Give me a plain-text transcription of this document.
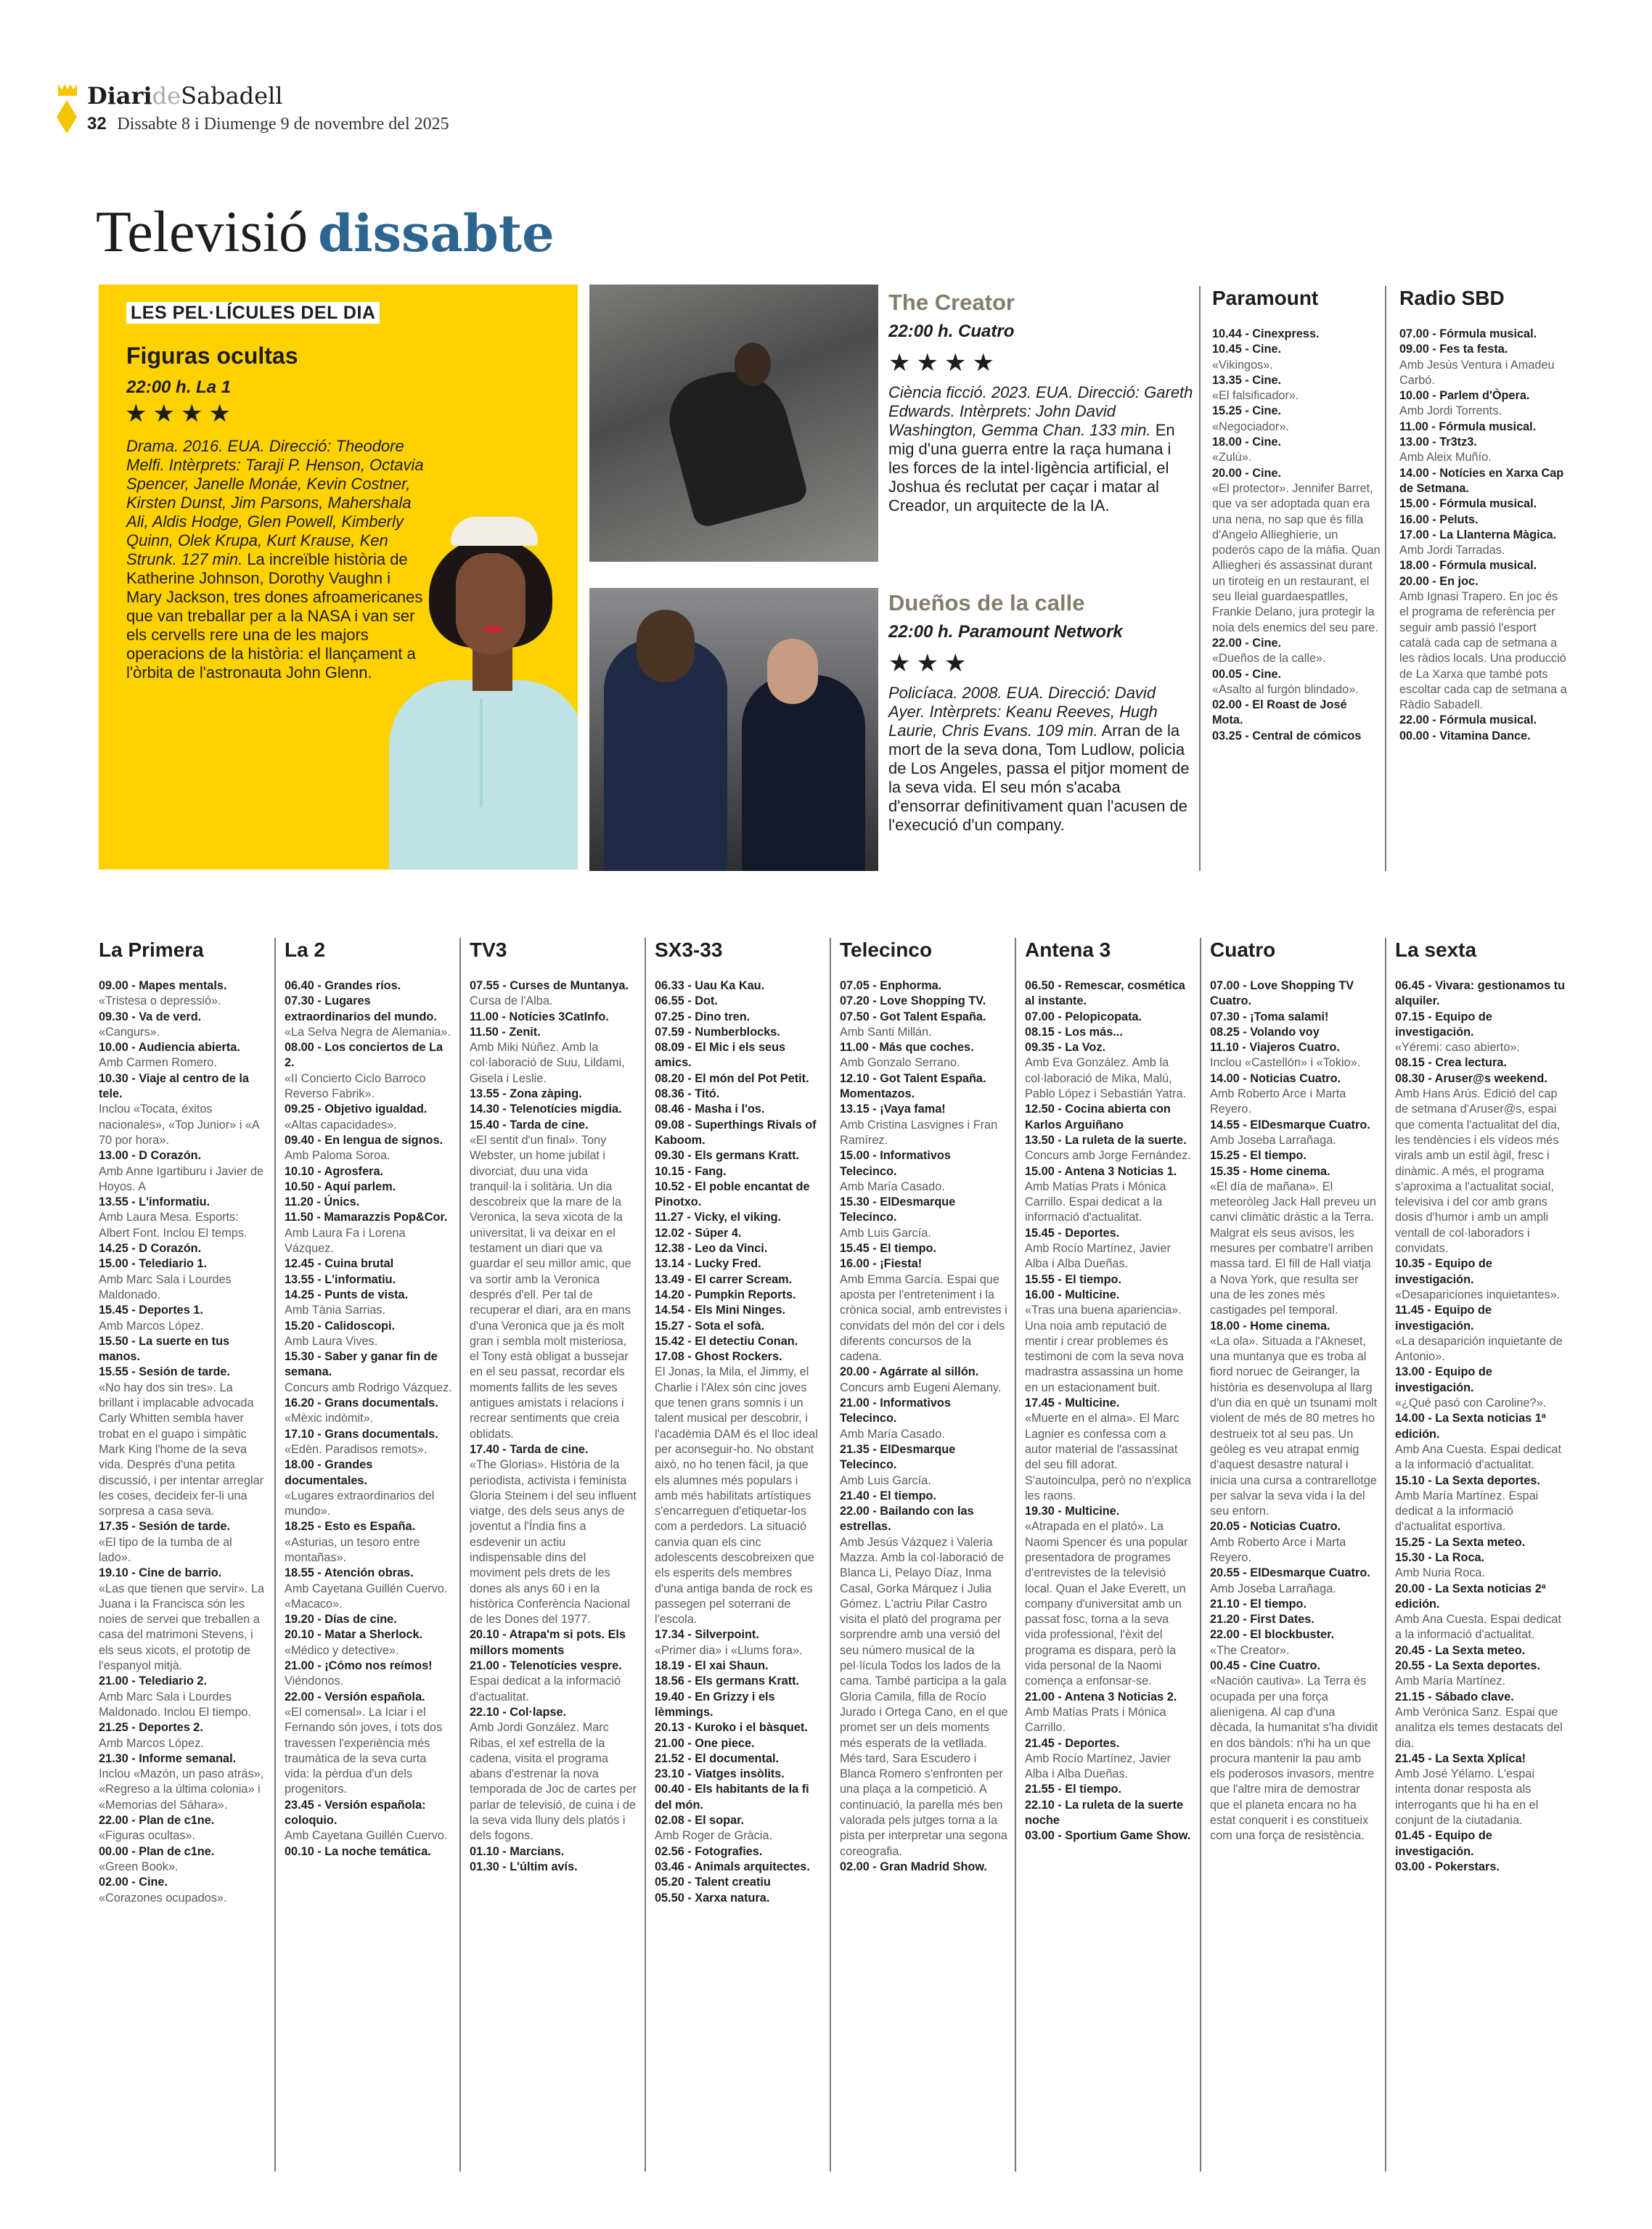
DiarideSabadell
32 Dissabte 8 i Diumenge 9 de novembre del 2025
Televisió dissabte
LES PEL·LÍCULES DEL DIA
Figuras ocultas
22:00 h. La 1
★★★★
Drama. 2016. EUA. Direcció: Theodore Melfi. Intèrprets: Taraji P. Henson, Octavia Spencer, Janelle Monáe, Kevin Costner, Kirsten Dunst, Jim Parsons, Mahershala Ali, Aldis Hodge, Glen Powell, Kimberly Quinn, Olek Krupa, Kurt Krause, Ken Strunk. 127 min. La increïble història de Katherine Johnson, Dorothy Vaughn i Mary Jackson, tres dones afroamericanes que van treballar per a la NASA i van ser els cervells rere una de les majors operacions de la història: el llançament a l'òrbita de l'astronauta John Glenn.
The Creator
22:00 h. Cuatro
★★★★
Ciència ficció. 2023. EUA. Direcció: Gareth Edwards. Intèrprets: John David Washington, Gemma Chan. 133 min. En mig d'una guerra entre la raça humana i les forces de la intel·ligència artificial, el Joshua és reclutat per caçar i matar al Creador, un arquitecte de la IA.
Dueños de la calle
22:00 h. Paramount Network
★★★
Policíaca. 2008. EUA. Direcció: David Ayer. Intèrprets: Keanu Reeves, Hugh Laurie, Chris Evans. 109 min. Arran de la mort de la seva dona, Tom Ludlow, policia de Los Angeles, passa el pitjor moment de la seva vida. El seu món s'acaba d'ensorrar definitivament quan l'acusen de l'execució d'un company.
Paramount
10.44 - Cinexpress.
10.45 - Cine.
«Vikingos».
13.35 - Cine.
«El falsificador».
15.25 - Cine.
«Negociador».
18.00 - Cine.
«Zulú».
20.00 - Cine.
«El protector». Jennifer Barret, que va ser adoptada quan era una nena, no sap que és filla d'Angelo Allieghierie, un poderós capo de la màfia. Quan Alliegheri és assassinat durant un tiroteig en un restaurant, el seu lleial guardaespatlles, Frankie Delano, jura protegir la noia dels enemics del seu pare.
22.00 - Cine.
«Dueños de la calle».
00.05 - Cine.
«Asalto al furgón blindado».
02.00 - El Roast de José Mota.
03.25 - Central de cómicos
Radio SBD
07.00 - Fórmula musical.
09.00 - Fes ta festa.
Amb Jesús Ventura i Amadeu Carbó.
10.00 - Parlem d'Òpera.
Amb Jordi Torrents.
11.00 - Fórmula musical.
13.00 - Tr3tz3.
Amb Aleix Muñío.
14.00 - Notícies en Xarxa Cap de Setmana.
15.00 - Fórmula musical.
16.00 - Peluts.
17.00 - La Llanterna Màgica.
Amb Jordi Tarradas.
18.00 - Fórmula musical.
20.00 - En joc.
Amb Ignasi Trapero. En joc és el programa de referència per seguir amb passió l'esport català cada cap de setmana a les ràdios locals. Una producció de La Xarxa que també pots escoltar cada cap de setmana a Ràdio Sabadell.
22.00 - Fórmula musical.
00.00 - Vitamina Dance.
La Primera
09.00 - Mapes mentals.
«Tristesa o depressió».
09.30 - Va de verd.
«Cangurs».
10.00 - Audiencia abierta.
Amb Carmen Romero.
10.30 - Viaje al centro de la tele.
Inclou «Tocata, éxitos nacionales», «Top Junior» i «A 70 por hora».
13.00 - D Corazón.
Amb Anne Igartiburu i Javier de Hoyos. A
13.55 - L'informatiu.
Amb Laura Mesa. Esports: Albert Font. Inclou El temps.
14.25 - D Corazón.
15.00 - Telediario 1.
Amb Marc Sala i Lourdes Maldonado.
15.45 - Deportes 1.
Amb Marcos López.
15.50 - La suerte en tus manos.
15.55 - Sesión de tarde.
«No hay dos sin tres». La brillant i implacable advocada Carly Whitten sembla haver trobat en el guapo i simpàtic Mark King l'home de la seva vida. Després d'una petita discussió, i per intentar arreglar les coses, decideix fer-li una sorpresa a casa seva.
17.35 - Sesión de tarde.
«El tipo de la tumba de al lado».
19.10 - Cine de barrio.
«Las que tienen que servir». La Juana i la Francisca són les noies de servei que treballen a casa del matrimoni Stevens, i els seus xicots, el prototip de l'espanyol mitjà.
21.00 - Telediario 2.
Amb Marc Sala i Lourdes Maldonado. Inclou El tiempo.
21.25 - Deportes 2.
Amb Marcos López.
21.30 - Informe semanal.
Inclou «Mazón, un paso atrás», «Regreso a la última colonia» i «Memorias del Sáhara».
22.00 - Plan de c1ne.
«Figuras ocultas».
00.00 - Plan de c1ne.
«Green Book».
02.00 - Cine.
«Corazones ocupados».
La 2
06.40 - Grandes ríos.
07.30 - Lugares extraordinarios del mundo.
«La Selva Negra de Alemania».
08.00 - Los conciertos de La 2.
«II Concierto Ciclo Barroco Reverso Fabrik».
09.25 - Objetivo igualdad.
«Altas capacidades».
09.40 - En lengua de signos.
Amb Paloma Soroa.
10.10 - Agrosfera.
10.50 - Aquí parlem.
11.20 - Únics.
11.50 - Mamarazzis Pop&Cor.
Amb Laura Fa i Lorena Vázquez.
12.45 - Cuina brutal
13.55 - L'informatiu.
14.25 - Punts de vista.
Amb Tània Sarrias.
15.20 - Calidoscopi.
Amb Laura Vives.
15.30 - Saber y ganar fin de semana.
Concurs amb Rodrigo Vázquez.
16.20 - Grans documentals.
«Mèxic indòmit».
17.10 - Grans documentals.
«Edèn. Paradisos remots».
18.00 - Grandes documentales.
«Lugares extraordinarios del mundo».
18.25 - Esto es España.
«Asturias, un tesoro entre montañas».
18.55 - Atención obras.
Amb Cayetana Guillén Cuervo. «Macaco».
19.20 - Días de cine.
20.10 - Matar a Sherlock.
«Médico y detective».
21.00 - ¡Cómo nos reímos!
Viéndonos.
22.00 - Versión española.
«El comensal». La Iciar i el Fernando són joves, i tots dos travessen l'experiència més traumàtica de la seva curta vida: la pèrdua d'un dels progenitors.
23.45 - Versión española: coloquio.
Amb Cayetana Guillén Cuervo.
00.10 - La noche temática.
TV3
07.55 - Curses de Muntanya.
Cursa de l'Alba.
11.00 - Notícies 3CatInfo.
11.50 - Zenit.
Amb Miki Núñez. Amb la col·laboració de Suu, Lildami, Gisela i Leslie.
13.55 - Zona zàping.
14.30 - Telenotícies migdia.
15.40 - Tarda de cine.
«El sentit d'un final». Tony Webster, un home jubilat i divorciat, duu una vida tranquil·la i solitària. Un dia descobreix que la mare de la Veronica, la seva xicota de la universitat, li va deixar en el testament un diari que va guardar el seu millor amic, que va sortir amb la Veronica després d'ell. Per tal de recuperar el diari, ara en mans d'una Veronica que ja és molt gran i sembla molt misteriosa, el Tony està obligat a bussejar en el seu passat, recordar els moments fallits de les seves antigues amistats i relacions i recrear sentiments que creia oblidats.
17.40 - Tarda de cine.
«The Glorias». Història de la periodista, activista i feminista Gloria Steinem i del seu influent viatge, des dels seus anys de joventut a l'Índia fins a esdevenir un actiu indispensable dins del moviment pels drets de les dones als anys 60 i en la històrica Conferència Nacional de les Dones del 1977.
20.10 - Atrapa'm si pots. Els millors moments
21.00 - Telenotícies vespre.
Espai dedicat a la informació d'actualitat.
22.10 - Col·lapse.
Amb Jordi González. Marc Ribas, el xef estrella de la cadena, visita el programa abans d'estrenar la nova temporada de Joc de cartes per parlar de televisió, de cuina i de la seva vida lluny dels platós i dels fogons.
01.10 - Marcians.
01.30 - L'últim avís.
SX3-33
06.33 - Uau Ka Kau.
06.55 - Dot.
07.25 - Dino tren.
07.59 - Numberblocks.
08.09 - El Mic i els seus amics.
08.20 - El món del Pot Petit.
08.36 - Titó.
08.46 - Masha i l'os.
09.08 - Superthings Rivals of Kaboom.
09.30 - Els germans Kratt.
10.15 - Fang.
10.52 - El poble encantat de Pinotxo.
11.27 - Vicky, el viking.
12.02 - Súper 4.
12.38 - Leo da Vinci.
13.14 - Lucky Fred.
13.49 - El carrer Scream.
14.20 - Pumpkin Reports.
14.54 - Els Mini Ninges.
15.27 - Sota el sofà.
15.42 - El detectiu Conan.
17.08 - Ghost Rockers.
El Jonas, la Mila, el Jimmy, el Charlie i l'Alex són cinc joves que tenen grans somnis i un talent musical per descobrir, i l'acadèmia DAM és el lloc ideal per aconseguir-ho. No obstant això, no ho tenen fàcil, ja que els alumnes més populars i amb més habilitats artístiques s'encarreguen d'etiquetar-los com a perdedors. La situació canvia quan els cinc adolescents descobreixen que els esperits dels membres d'una antiga banda de rock es passegen pel soterrani de l'escola.
17.34 - Silverpoint.
«Primer dia» i «Llums fora».
18.19 - El xai Shaun.
18.56 - Els germans Kratt.
19.40 - En Grizzy i els lèmmings.
20.13 - Kuroko i el bàsquet.
21.00 - One piece.
21.52 - El documental.
23.10 - Viatges insòlits.
00.40 - Els habitants de la fi del món.
02.08 - El sopar.
Amb Roger de Gràcia.
02.56 - Fotografies.
03.46 - Animals arquitectes.
05.20 - Talent creatiu
05.50 - Xarxa natura.
Telecinco
07.05 - Enphorma.
07.20 - Love Shopping TV.
07.50 - Got Talent España.
Amb Santi Millán.
11.00 - Más que coches.
Amb Gonzalo Serrano.
12.10 - Got Talent España. Momentazos.
13.15 - ¡Vaya fama!
Amb Cristina Lasvignes i Fran Ramírez.
15.00 - Informativos Telecinco.
Amb María Casado.
15.30 - ElDesmarque Telecinco.
Amb Luis García.
15.45 - El tiempo.
16.00 - ¡Fiesta!
Amb Emma García. Espai que aposta per l'entreteniment i la crònica social, amb entrevistes i convidats del món del cor i dels diferents concursos de la cadena.
20.00 - Agárrate al sillón.
Concurs amb Eugeni Alemany.
21.00 - Informativos Telecinco.
Amb María Casado.
21.35 - ElDesmarque Telecinco.
Amb Luis García.
21.40 - El tiempo.
22.00 - Bailando con las estrellas.
Amb Jesús Vázquez i Valeria Mazza. Amb la col·laboració de Blanca Li, Pelayo Díaz, Inma Casal, Gorka Márquez i Julia Gómez. L'actriu Pilar Castro visita el plató del programa per sorprendre amb una versió del seu número musical de la pel·lícula Todos los lados de la cama. També participa a la gala Gloria Camila, filla de Rocío Jurado i Ortega Cano, en el que promet ser un dels moments més esperats de la vetllada. Més tard, Sara Escudero i Blanca Romero s'enfronten per una plaça a la competició. A continuació, la parella més ben valorada pels jutges torna a la pista per interpretar una segona coreografia.
02.00 - Gran Madrid Show.
Antena 3
06.50 - Remescar, cosmética al instante.
07.00 - Pelopicopata.
08.15 - Los más...
09.35 - La Voz.
Amb Eva González. Amb la col·laboració de Mika, Malú, Pablo López i Sebastián Yatra.
12.50 - Cocina abierta con Karlos Arguiñano
13.50 - La ruleta de la suerte.
Concurs amb Jorge Fernández.
15.00 - Antena 3 Noticias 1.
Amb Matías Prats i Mónica Carrillo. Espai dedicat a la informació d'actualitat.
15.45 - Deportes.
Amb Rocío Martínez, Javier Alba i Alba Dueñas.
15.55 - El tiempo.
16.00 - Multicine.
«Tras una buena apariencia». Una noia amb reputació de mentir i crear problemes és testimoni de com la seva nova madrastra assassina un home en un estacionament buit.
17.45 - Multicine.
«Muerte en el alma». El Marc Lagnier es confessa com a autor material de l'assassinat del seu fill adorat. S'autoinculpa, però no n'explica les raons.
19.30 - Multicine.
«Atrapada en el plató». La Naomi Spencer és una popular presentadora de programes d'entrevistes de la televisió local. Quan el Jake Everett, un company d'universitat amb un passat fosc, torna a la seva vida professional, l'èxit del programa es dispara, però la vida personal de la Naomi comença a enfonsar-se.
21.00 - Antena 3 Noticias 2.
Amb Matías Prats i Mónica Carrillo.
21.45 - Deportes.
Amb Rocío Martínez, Javier Alba i Alba Dueñas.
21.55 - El tiempo.
22.10 - La ruleta de la suerte noche
03.00 - Sportium Game Show.
Cuatro
07.00 - Love Shopping TV Cuatro.
07.30 - ¡Toma salami!
08.25 - Volando voy
11.10 - Viajeros Cuatro.
Inclou «Castellón» i «Tokio».
14.00 - Noticias Cuatro.
Amb Roberto Arce i Marta Reyero.
14.55 - ElDesmarque Cuatro.
Amb Joseba Larrañaga.
15.25 - El tiempo.
15.35 - Home cinema.
«El día de mañana». El meteoròleg Jack Hall preveu un canvi climàtic dràstic a la Terra. Malgrat els seus avisos, les mesures per combatre'l arriben massa tard. El fill de Hall viatja a Nova York, que resulta ser una de les zones més castigades pel temporal.
18.00 - Home cinema.
«La ola». Situada a l'Akneset, una muntanya que es troba al fiord noruec de Geiranger, la història es desenvolupa al llarg d'un dia en què un tsunami molt violent de més de 80 metres ho destrueix tot al seu pas. Un geòleg es veu atrapat enmig d'aquest desastre natural i inicia una cursa a contrarellotge per salvar la seva vida i la del seu entorn.
20.05 - Noticias Cuatro.
Amb Roberto Arce i Marta Reyero.
20.55 - ElDesmarque Cuatro.
Amb Joseba Larrañaga.
21.10 - El tiempo.
21.20 - First Dates.
22.00 - El blockbuster.
«The Creator».
00.45 - Cine Cuatro.
«Nación cautiva». La Terra és ocupada per una força alienígena. Al cap d'una dècada, la humanitat s'ha dividit en dos bàndols: n'hi ha un que procura mantenir la pau amb els poderosos invasors, mentre que l'altre mira de demostrar que el planeta encara no ha estat conquerit i es constitueix com una força de resistència.
La sexta
06.45 - Vivara: gestionamos tu alquiler.
07.15 - Equipo de investigación.
«Yéremi: caso abierto».
08.15 - Crea lectura.
08.30 - Aruser@s weekend.
Amb Hans Arús. Edició del cap de setmana d'Aruser@s, espai que comenta l'actualitat del dia, les tendències i els vídeos més virals amb un estil àgil, fresc i dinàmic. A més, el programa s'aproxima a l'actualitat social, televisiva i del cor amb grans dosis d'humor i amb un ampli ventall de col·laboradors i convidats.
10.35 - Equipo de investigación.
«Desapariciones inquietantes».
11.45 - Equipo de investigación.
«La desaparición inquietante de Antonio».
13.00 - Equipo de investigación.
«¿Qué pasó con Caroline?».
14.00 - La Sexta noticias 1ª edición.
Amb Ana Cuesta. Espai dedicat a la informació d'actualitat.
15.10 - La Sexta deportes.
Amb María Martínez. Espai dedicat a la informació d'actualitat esportiva.
15.25 - La Sexta meteo.
15.30 - La Roca.
Amb Nuria Roca.
20.00 - La Sexta noticias 2ª edición.
Amb Ana Cuesta. Espai dedicat a la informació d'actualitat.
20.45 - La Sexta meteo.
20.55 - La Sexta deportes.
Amb María Martínez.
21.15 - Sábado clave.
Amb Verónica Sanz. Espai que analitza els temes destacats del dia.
21.45 - La Sexta Xplica!
Amb José Yélamo. L'espai intenta donar resposta als interrogants que hi ha en el conjunt de la ciutadania.
01.45 - Equipo de investigación.
03.00 - Pokerstars.
